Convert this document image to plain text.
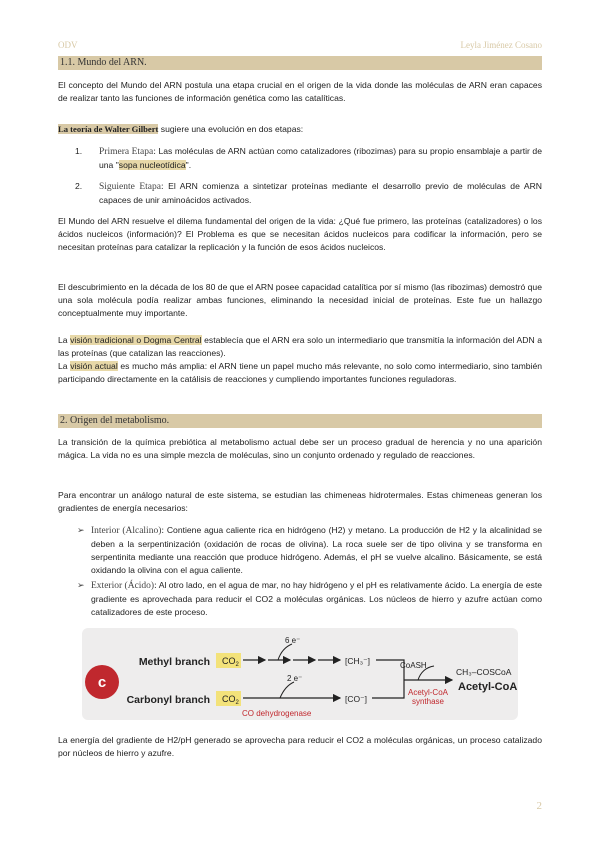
ODV	Leyla Jiménez Cosano
1.1. Mundo del ARN.
El concepto del Mundo del ARN postula una etapa crucial en el origen de la vida donde las moléculas de ARN eran capaces de realizar tanto las funciones de información genética como las catalíticas.
La teoría de Walter Gilbert sugiere una evolución en dos etapas:
1.	Primera Etapa: Las moléculas de ARN actúan como catalizadores (ribozimas) para su propio ensamblaje a partir de una "sopa nucleotídica".
2.	Siguiente Etapa: El ARN comienza a sintetizar proteínas mediante el desarrollo previo de moléculas de ARN capaces de unir aminoácidos activados.
El Mundo del ARN resuelve el dilema fundamental del origen de la vida: ¿Qué fue primero, las proteínas (catalizadores) o los ácidos nucleicos (información)? El Problema es que se necesitan ácidos nucleicos para codificar la información, pero se necesitan proteínas para catalizar la replicación y la función de esos ácidos nucleicos.
El descubrimiento en la década de los 80 de que el ARN posee capacidad catalítica por sí mismo (las ribozimas) demostró que una sola molécula podía realizar ambas funciones, eliminando la necesidad inicial de proteínas. Este fue un hallazgo conceptualmente muy importante.
La visión tradicional o Dogma Central establecía que el ARN era solo un intermediario que transmitía la información del ADN a las proteínas (que catalizan las reacciones).
La visión actual es mucho más amplia: el ARN tiene un papel mucho más relevante, no solo como intermediario, sino también participando directamente en la catálisis de reacciones y cumpliendo importantes funciones reguladoras.
2. Origen del metabolismo.
La transición de la química prebiótica al metabolismo actual debe ser un proceso gradual de herencia y no una aparición mágica. La vida no es una simple mezcla de moléculas, sino un conjunto ordenado y regulado de reacciones.
Para encontrar un análogo natural de este sistema, se estudian las chimeneas hidrotermales. Estas chimeneas generan los gradientes de energía necesarios:
➢ Interior (Alcalino): Contiene agua caliente rica en hidrógeno (H2) y metano. La producción de H2 y la alcalinidad se deben a la serpentinización (oxidación de rocas de olivina). La roca suele ser de tipo olivina y se transforma en serpentinita mediante una reacción que produce hidrógeno. Además, el pH se vuelve alcalino. Básicamente, se está oxidando la olivina con el agua caliente.
➢ Exterior (Ácido): Al otro lado, en el agua de mar, no hay hidrógeno y el pH es relativamente ácido. La energía de este gradiente es aprovechada para reducir el CO2 a moléculas orgánicas. Los núcleos de hierro y azufre actúan como catalizadores de este proceso.
c
Methyl branch
Carbonyl branch
$CO_2$
$CO_2$
6 e⁻
[CH₃⁻]
2 e⁻
[CO⁻]
CO dehydrogenase
CoASH
Acetyl-CoA
synthase
CH₃–COSCoA
Acetyl-CoA
La energía del gradiente de H2/pH generado se aprovecha para reducir el CO2 a moléculas orgánicas, un proceso catalizado por núcleos de hierro y azufre.
2
